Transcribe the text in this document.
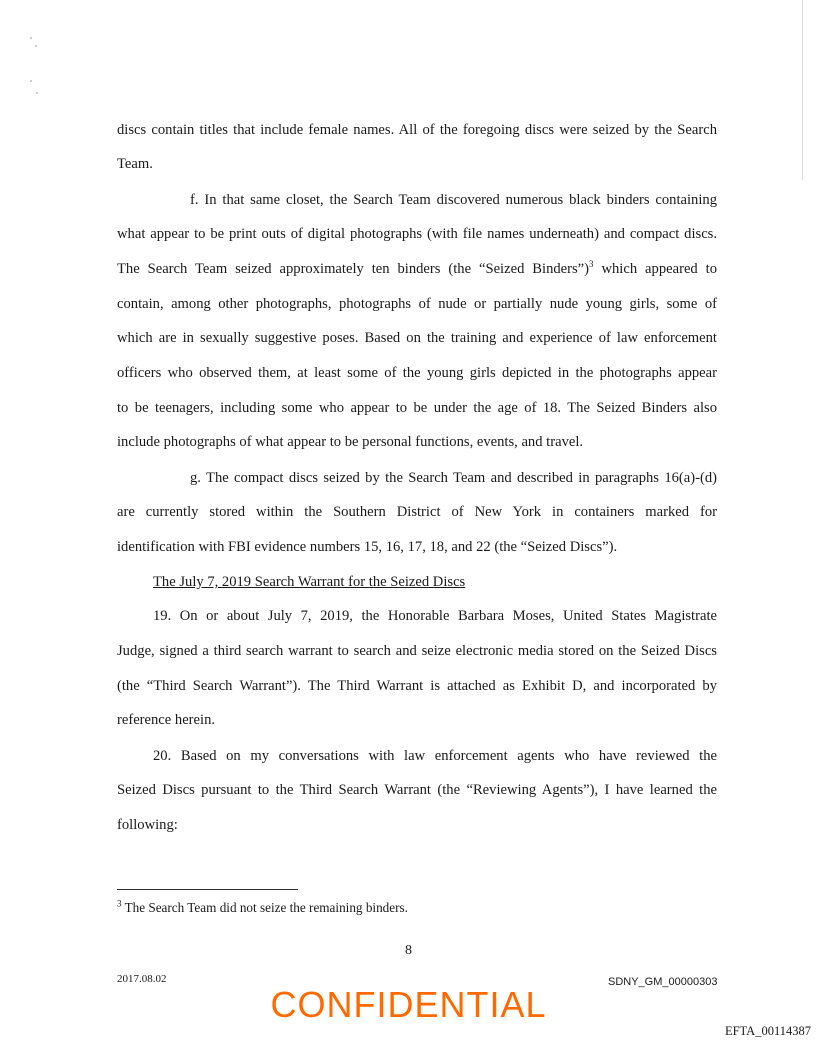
discs contain titles that include female names. All of the foregoing discs were seized by the Search
Team.
f. In that same closet, the Search Team discovered numerous black binders containing
what appear to be print outs of digital photographs (with file names underneath) and compact discs.
The Search Team seized approximately ten binders (the “Seized Binders”)$^3$ which appeared to
contain, among other photographs, photographs of nude or partially nude young girls, some of
which are in sexually suggestive poses. Based on the training and experience of law enforcement
officers who observed them, at least some of the young girls depicted in the photographs appear
to be teenagers, including some who appear to be under the age of 18. The Seized Binders also
include photographs of what appear to be personal functions, events, and travel.
g. The compact discs seized by the Search Team and described in paragraphs 16(a)-(d)
are currently stored within the Southern District of New York in containers marked for
identification with FBI evidence numbers 15, 16, 17, 18, and 22 (the “Seized Discs”).
The July 7, 2019 Search Warrant for the Seized Discs
19. On or about July 7, 2019, the Honorable Barbara Moses, United States Magistrate
Judge, signed a third search warrant to search and seize electronic media stored on the Seized Discs
(the “Third Search Warrant”). The Third Warrant is attached as Exhibit D, and incorporated by
reference herein.
20. Based on my conversations with law enforcement agents who have reviewed the
Seized Discs pursuant to the Third Search Warrant (the “Reviewing Agents”), I have learned the
following:
$^3$ The Search Team did not seize the remaining binders.
8
2017.08.02	SDNY_GM_00000303
CONFIDENTIAL
EFTA_00114387
